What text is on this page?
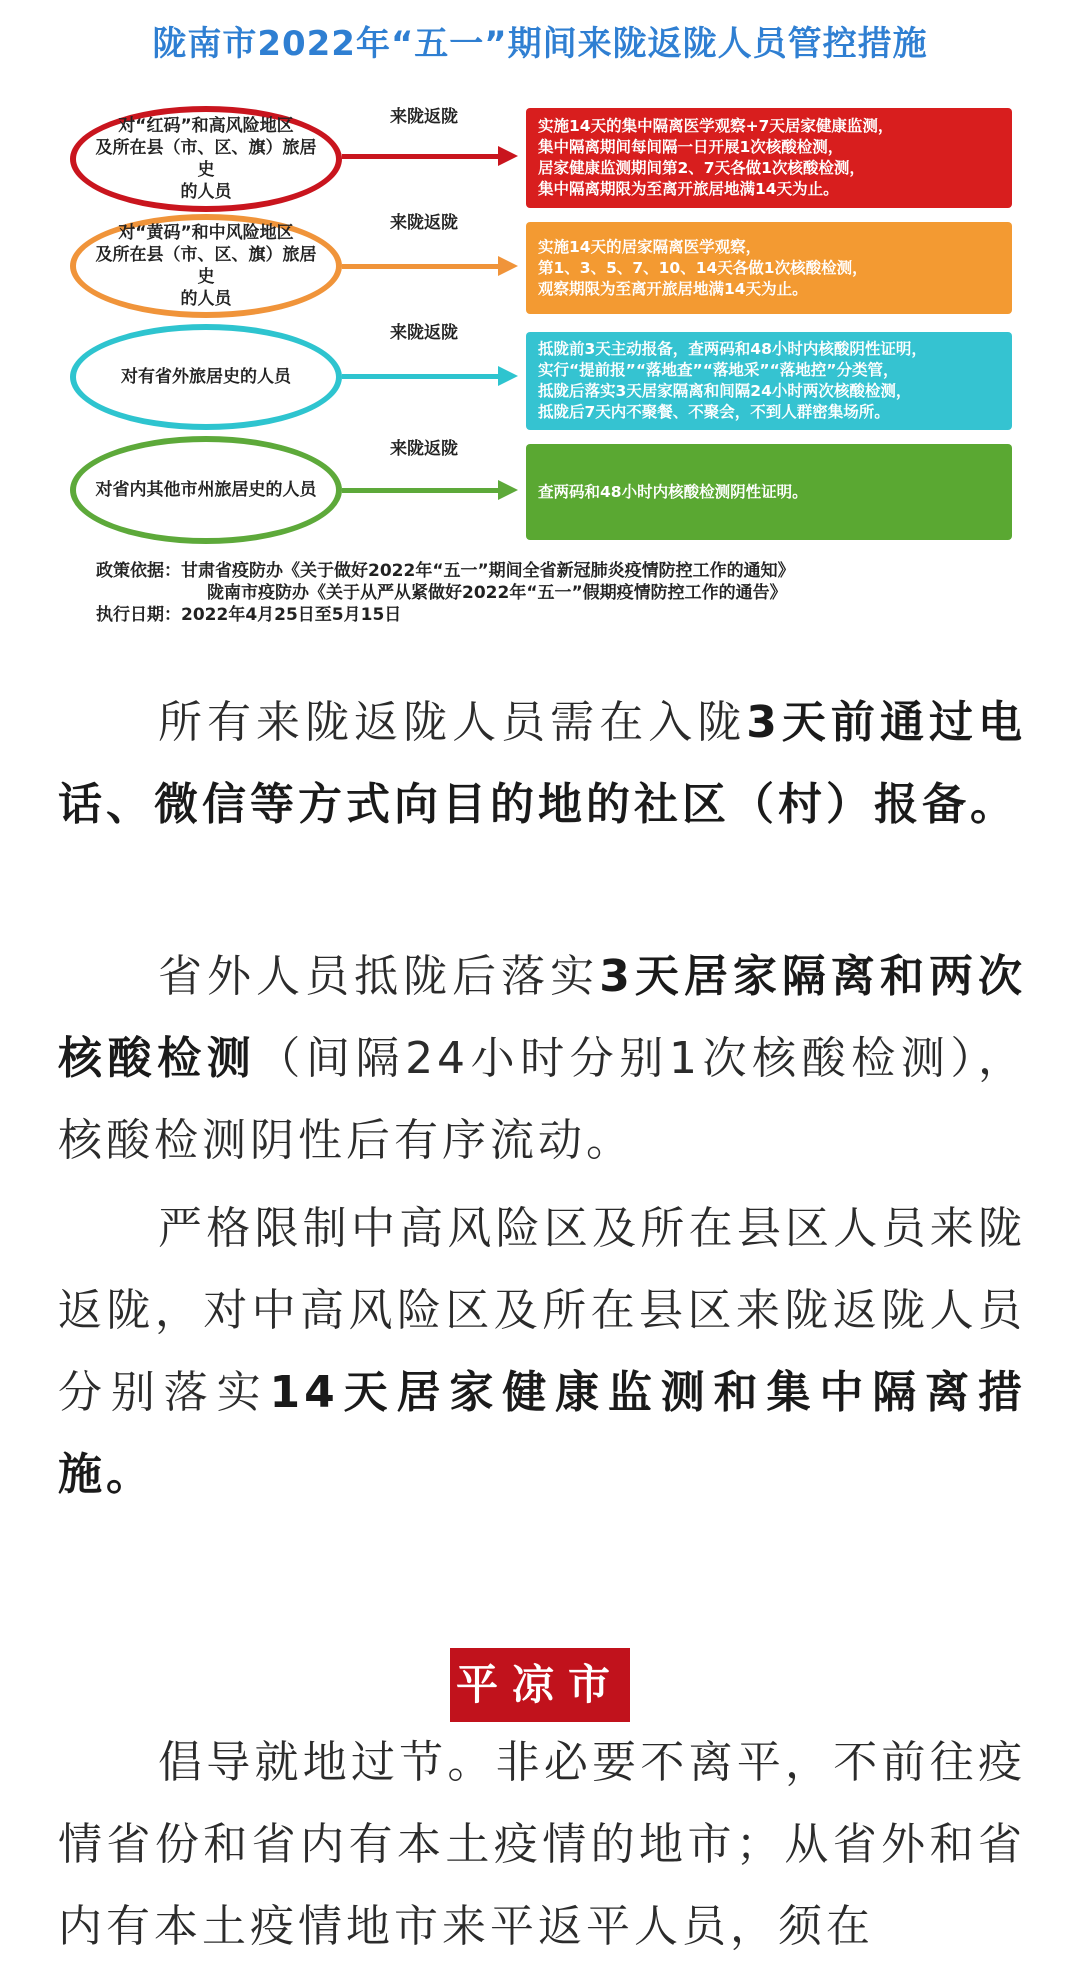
陇南市2022年“五一”期间来陇返陇人员管控措施
对“红码”和高风险地区
及所在县（市、区、旗）旅居史
的人员
来陇返陇	实施14天的集中隔离医学观察+7天居家健康监测，
集中隔离期间每间隔一日开展1次核酸检测，
居家健康监测期间第2、7天各做1次核酸检测，
集中隔离期限为至离开旅居地满14天为止。
对“黄码”和中风险地区
及所在县（市、区、旗）旅居史
的人员
来陇返陇
实施14天的居家隔离医学观察，
第1、3、5、7、10、14天各做1次核酸检测，
观察期限为至离开旅居地满14天为止。
对有省外旅居史的人员
来陇返陇
抵陇前3天主动报备，查两码和48小时内核酸阴性证明，
实行“提前报”“落地查”“落地采”“落地控”分类管，
抵陇后落实3天居家隔离和间隔24小时两次核酸检测，
抵陇后7天内不聚餐、不聚会，不到人群密集场所。
对省内其他市州旅居史的人员
来陇返陇
查两码和48小时内核酸检测阴性证明。
政策依据：甘肃省疫防办《关于做好2022年“五一”期间全省新冠肺炎疫情防控工作的通知》
陇南市疫防办《关于从严从紧做好2022年“五一”假期疫情防控工作的通告》
执行日期：2022年4月25日至5月15日

所有来陇返陇人员需在入陇3天前通过电话、微信等方式向目的地的社区（村）报备。

省外人员抵陇后落实3天居家隔离和两次核酸检测（间隔24小时分别1次核酸检测），核酸检测阴性后有序流动。

严格限制中高风险区及所在县区人员来陇返陇，对中高风险区及所在县区来陇返陇人员分别落实14天居家健康监测和集中隔离措施。

平凉市

倡导就地过节。非必要不离平，不前往疫情省份和省内有本土疫情的地市；从省外和省内有本土疫情地市来平返平人员，须在
